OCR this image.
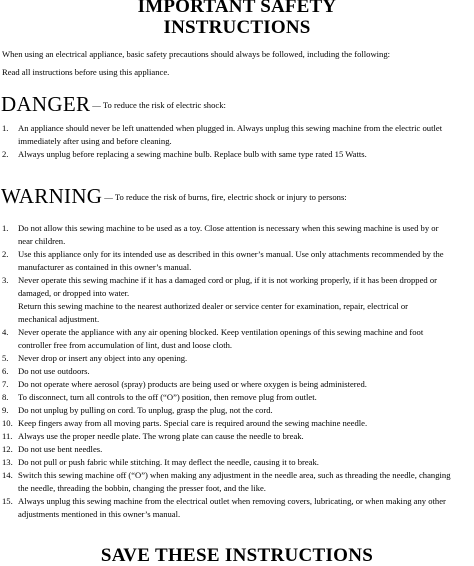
IMPORTANT SAFETY
INSTRUCTIONS

When using an electrical appliance, basic safety precautions should always be followed, including the following:

Read all instructions before using this appliance.

DANGER $^{— To reduce the risk of electric shock:}$
1. An appliance should never be left unattended when plugged in. Always unplug this sewing machine from the electric outlet

immediately after using and before cleaning.

2. Always unplug before replacing a sewing machine bulb. Replace bulb with same type rated 15 Watts.

WARNING $^{— To reduce the risk of burns, fire, electric shock or injury to persons:}$
1. Do not allow this sewing machine to be used as a toy. Close attention is necessary when this sewing machine is used by or

near children.

2. Use this appliance only for its intended use as described in this owner’s manual. Use only attachments recommended by the

manufacturer as contained in this owner’s manual.

3. Never operate this sewing machine if it has a damaged cord or plug, if it is not working properly, if it has been dropped or

damaged, or dropped into water.

Return this sewing machine to the nearest authorized dealer or service center for examination, repair, electrical or

mechanical adjustment.

4. Never operate the appliance with any air opening blocked. Keep ventilation openings of this sewing machine and foot

controller free from accumulation of lint, dust and loose cloth.

5. Never drop or insert any object into any opening.

6. Do not use outdoors.

7. Do not operate where aerosol (spray) products are being used or where oxygen is being administered.

8. To disconnect, turn all controls to the off (“O”) position, then remove plug from outlet.

9. Do not unplug by pulling on cord. To unplug, grasp the plug, not the cord.

10. Keep fingers away from all moving parts. Special care is required around the sewing machine needle.

11. Always use the proper needle plate. The wrong plate can cause the needle to break.

12. Do not use bent needles.

13. Do not pull or push fabric while stitching. It may deflect the needle, causing it to break.

14. Switch this sewing machine off (“O”) when making any adjustment in the needle area, such as threading the needle, changing

the needle, threading the bobbin, changing the presser foot, and the like.

15. Always unplug this sewing machine from the electrical outlet when removing covers, lubricating, or when making any other

adjustments mentioned in this owner’s manual.

SAVE THESE INSTRUCTIONS
